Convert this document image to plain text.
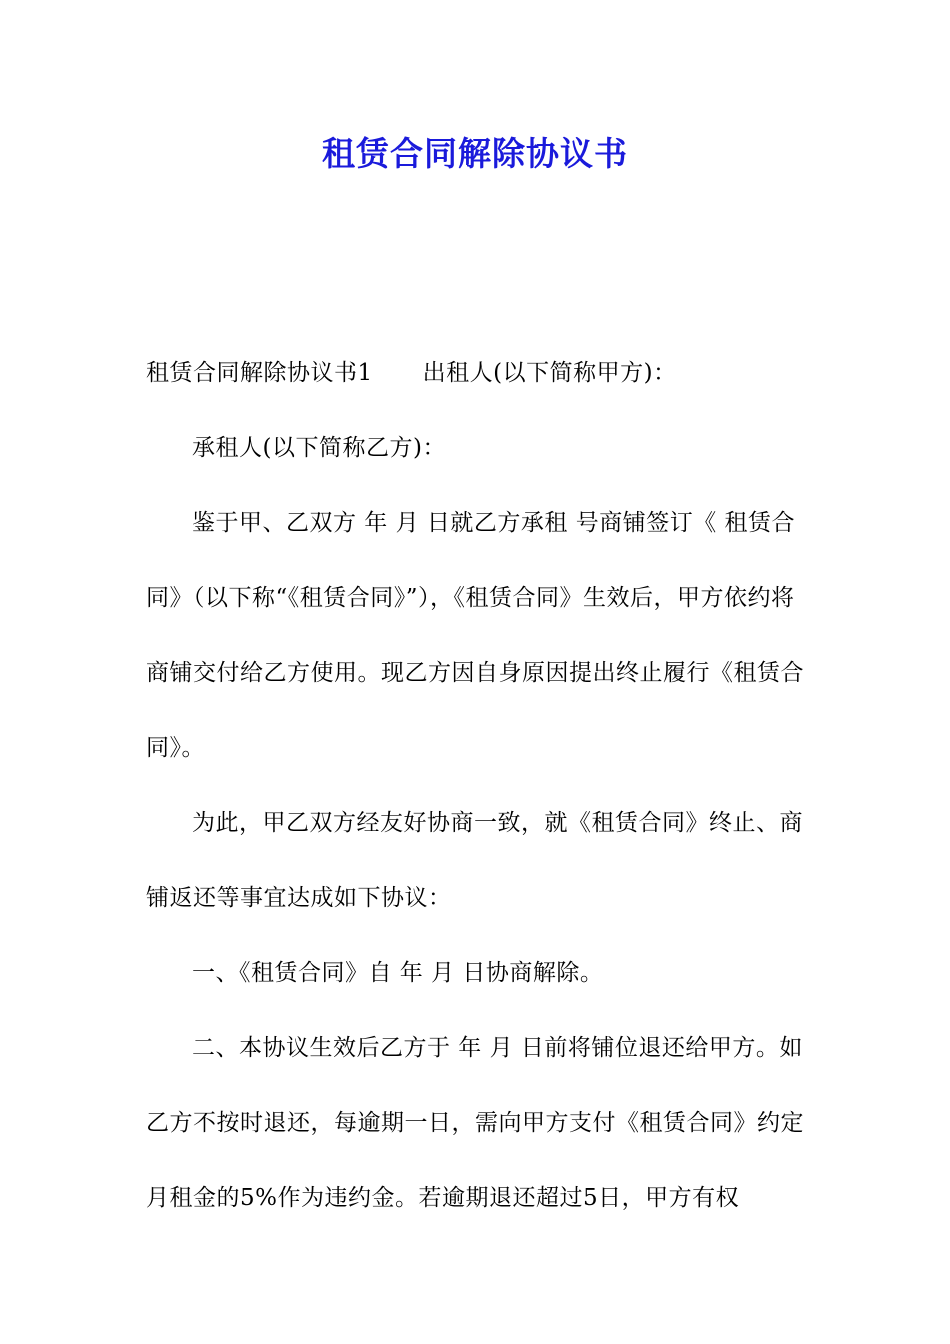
租赁合同解除协议书

租赁合同解除协议书1 出租人(以下简称甲方)：

承租人(以下简称乙方)：

鉴于甲、乙双方 年 月 日就乙方承租 号商铺签订《 租赁合同》（以下称“《租赁合同》”），《租赁合同》生效后，甲方依约将商铺交付给乙方使用。现乙方因自身原因提出终止履行《租赁合同》。

为此，甲乙双方经友好协商一致，就《租赁合同》终止、商铺返还等事宜达成如下协议：

一、《租赁合同》自 年 月 日协商解除。

二、本协议生效后乙方于 年 月 日前将铺位退还给甲方。如乙方不按时退还，每逾期一日，需向甲方支付《租赁合同》约定月租金的5%作为违约金。若逾期退还超过5日，甲方有权
